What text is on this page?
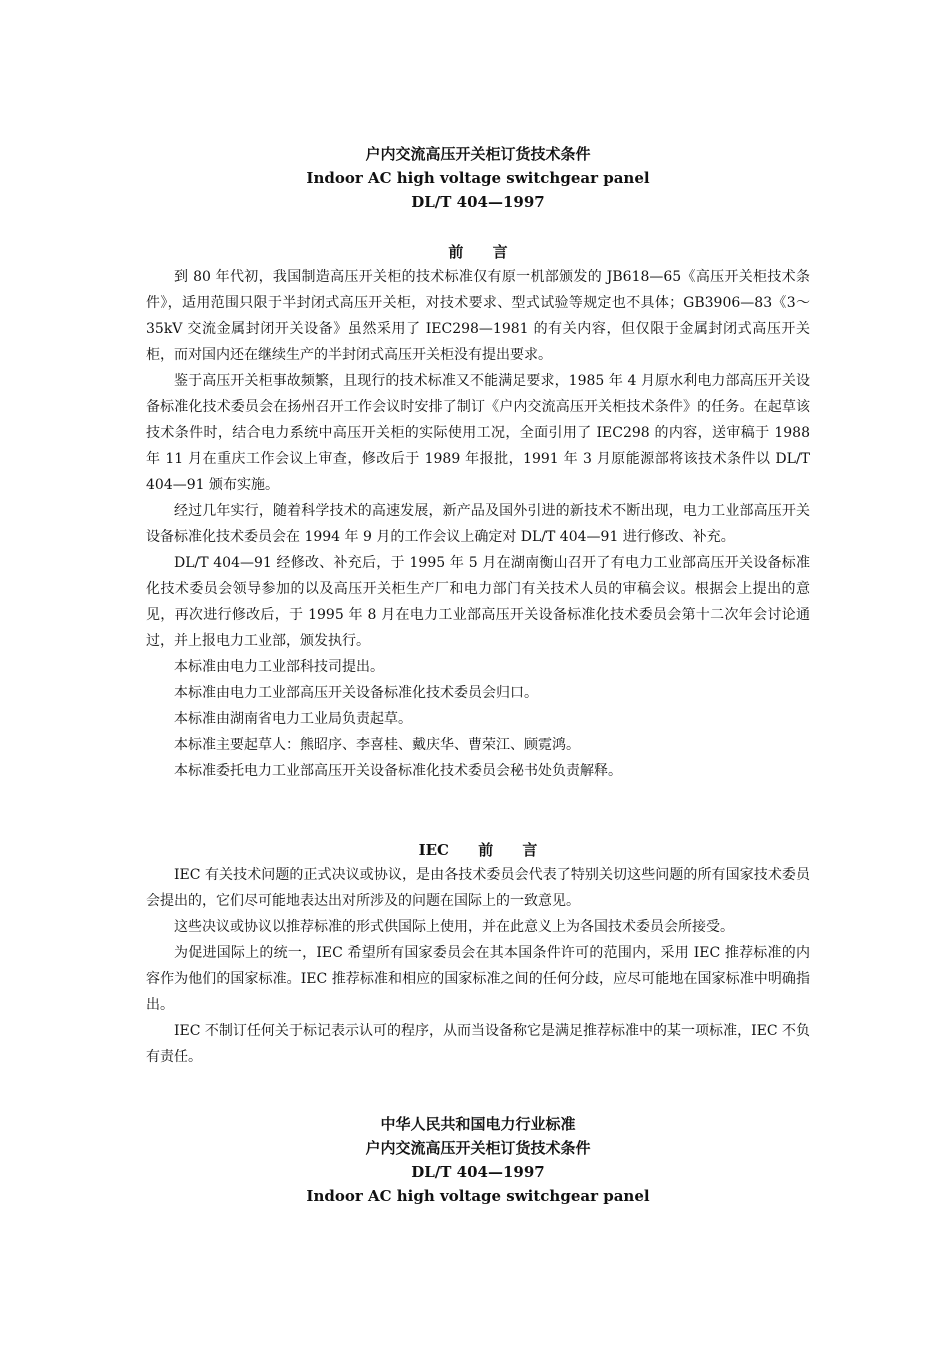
户内交流高压开关柜订货技术条件
Indoor AC high voltage switchgear panel
DL/T 404—1997
前 言

到 80 年代初，我国制造高压开关柜的技术标准仅有原一机部颁发的 JB618—65《高压开关柜技术条件》，适用范围只限于半封闭式高压开关柜，对技术要求、型式试验等规定也不具体；GB3906—83《3～35kV 交流金属封闭开关设备》虽然采用了 IEC298—1981 的有关内容，但仅限于金属封闭式高压开关柜，而对国内还在继续生产的半封闭式高压开关柜没有提出要求。

鉴于高压开关柜事故频繁，且现行的技术标准又不能满足要求，1985 年 4 月原水利电力部高压开关设备标准化技术委员会在扬州召开工作会议时安排了制订《户内交流高压开关柜技术条件》的任务。在起草该技术条件时，结合电力系统中高压开关柜的实际使用工况，全面引用了 IEC298 的内容，送审稿于 1988 年 11 月在重庆工作会议上审查，修改后于 1989 年报批，1991 年 3 月原能源部将该技术条件以 DL/T 404—91 颁布实施。

经过几年实行，随着科学技术的高速发展，新产品及国外引进的新技术不断出现，电力工业部高压开关设备标准化技术委员会在 1994 年 9 月的工作会议上确定对 DL/T 404—91 进行修改、补充。

DL/T 404—91 经修改、补充后，于 1995 年 5 月在湖南衡山召开了有电力工业部高压开关设备标准化技术委员会领导参加的以及高压开关柜生产厂和电力部门有关技术人员的审稿会议。根据会上提出的意见，再次进行修改后，于 1995 年 8 月在电力工业部高压开关设备标准化技术委员会第十二次年会讨论通过，并上报电力工业部，颁发执行。

本标准由电力工业部科技司提出。

本标准由电力工业部高压开关设备标准化技术委员会归口。

本标准由湖南省电力工业局负责起草。

本标准主要起草人：熊昭序、李喜桂、戴庆华、曹荣江、顾霓鸿。

本标准委托电力工业部高压开关设备标准化技术委员会秘书处负责解释。

IEC 前 言

IEC 有关技术问题的正式决议或协议，是由各技术委员会代表了特别关切这些问题的所有国家技术委员会提出的，它们尽可能地表达出对所涉及的问题在国际上的一致意见。

这些决议或协议以推荐标准的形式供国际上使用，并在此意义上为各国技术委员会所接受。

为促进国际上的统一，IEC 希望所有国家委员会在其本国条件许可的范围内，采用 IEC 推荐标准的内容作为他们的国家标准。IEC 推荐标准和相应的国家标准之间的任何分歧，应尽可能地在国家标准中明确指出。

IEC 不制订任何关于标记表示认可的程序，从而当设备称它是满足推荐标准中的某一项标准，IEC 不负有责任。

中华人民共和国电力行业标准
户内交流高压开关柜订货技术条件
DL/T 404—1997
Indoor AC high voltage switchgear panel
